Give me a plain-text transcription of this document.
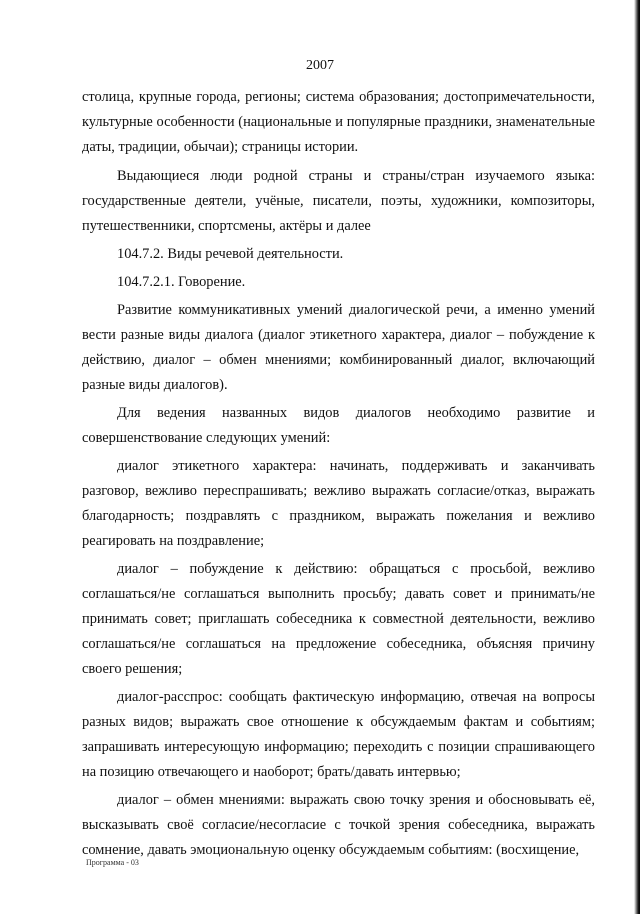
2007

столица, крупные города, регионы; система образования; достопримечательности, культурные особенности (национальные и популярные праздники, знаменательные даты, традиции, обычаи); страницы истории.

Выдающиеся люди родной страны и страны/стран изучаемого языка: государственные деятели, учёные, писатели, поэты, художники, композиторы, путешественники, спортсмены, актёры и далее

104.7.2. Виды речевой деятельности.

104.7.2.1. Говорение.

Развитие коммуникативных умений диалогической речи, а именно умений вести разные виды диалога (диалог этикетного характера, диалог – побуждение к действию, диалог – обмен мнениями; комбинированный диалог, включающий разные виды диалогов).

Для ведения названных видов диалогов необходимо развитие и совершенствование следующих умений:

диалог этикетного характера: начинать, поддерживать и заканчивать разговор, вежливо переспрашивать; вежливо выражать согласие/отказ, выражать благодарность; поздравлять с праздником, выражать пожелания и вежливо реагировать на поздравление;

диалог – побуждение к действию: обращаться с просьбой, вежливо соглашаться/не соглашаться выполнить просьбу; давать совет и принимать/не принимать совет; приглашать собеседника к совместной деятельности, вежливо соглашаться/не соглашаться на предложение собеседника, объясняя причину своего решения;

диалог-расспрос: сообщать фактическую информацию, отвечая на вопросы разных видов; выражать свое отношение к обсуждаемым фактам и событиям; запрашивать интересующую информацию; переходить с позиции спрашивающего на позицию отвечающего и наоборот; брать/давать интервью;

диалог – обмен мнениями: выражать свою точку зрения и обосновывать её, высказывать своё согласие/несогласие с точкой зрения собеседника, выражать сомнение, давать эмоциональную оценку обсуждаемым событиям: (восхищение,

Программа - 03
